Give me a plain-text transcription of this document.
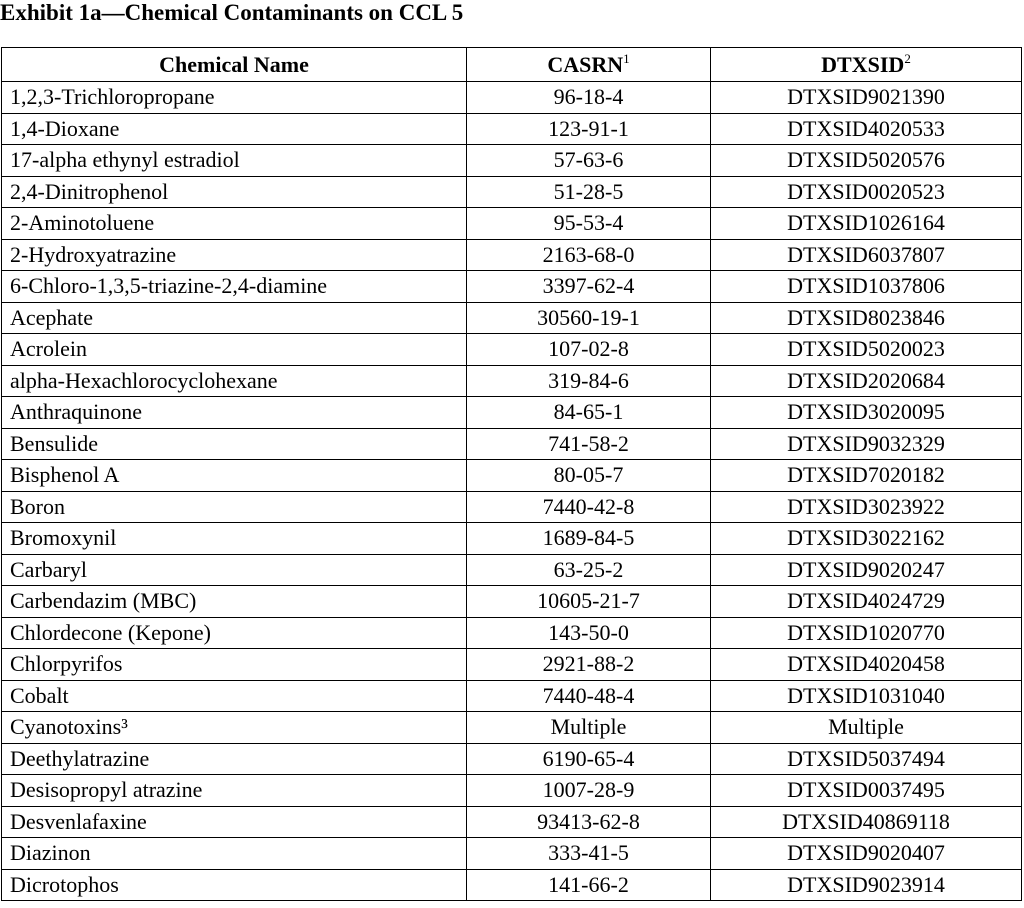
Exhibit 1a—Chemical Contaminants on CCL 5
Chemical Name	CASRN$^1$	DTXSID$^2$
1,2,3-Trichloropropane	96-18-4	DTXSID9021390
1,4-Dioxane	123-91-1	DTXSID4020533
17-alpha ethynyl estradiol	57-63-6	DTXSID5020576
2,4-Dinitrophenol	51-28-5	DTXSID0020523
2-Aminotoluene	95-53-4	DTXSID1026164
2-Hydroxyatrazine	2163-68-0	DTXSID6037807
6-Chloro-1,3,5-triazine-2,4-diamine	3397-62-4	DTXSID1037806
Acephate	30560-19-1	DTXSID8023846
Acrolein	107-02-8	DTXSID5020023
alpha-Hexachlorocyclohexane	319-84-6	DTXSID2020684
Anthraquinone	84-65-1	DTXSID3020095
Bensulide	741-58-2	DTXSID9032329
Bisphenol A	80-05-7	DTXSID7020182
Boron	7440-42-8	DTXSID3023922
Bromoxynil	1689-84-5	DTXSID3022162
Carbaryl	63-25-2	DTXSID9020247
Carbendazim (MBC)	10605-21-7	DTXSID4024729
Chlordecone (Kepone)	143-50-0	DTXSID1020770
Chlorpyrifos	2921-88-2	DTXSID4020458
Cobalt	7440-48-4	DTXSID1031040
Cyanotoxins³	Multiple	Multiple
Deethylatrazine	6190-65-4	DTXSID5037494
Desisopropyl atrazine	1007-28-9	DTXSID0037495
Desvenlafaxine	93413-62-8	DTXSID40869118
Diazinon	333-41-5	DTXSID9020407
Dicrotophos	141-66-2	DTXSID9023914
